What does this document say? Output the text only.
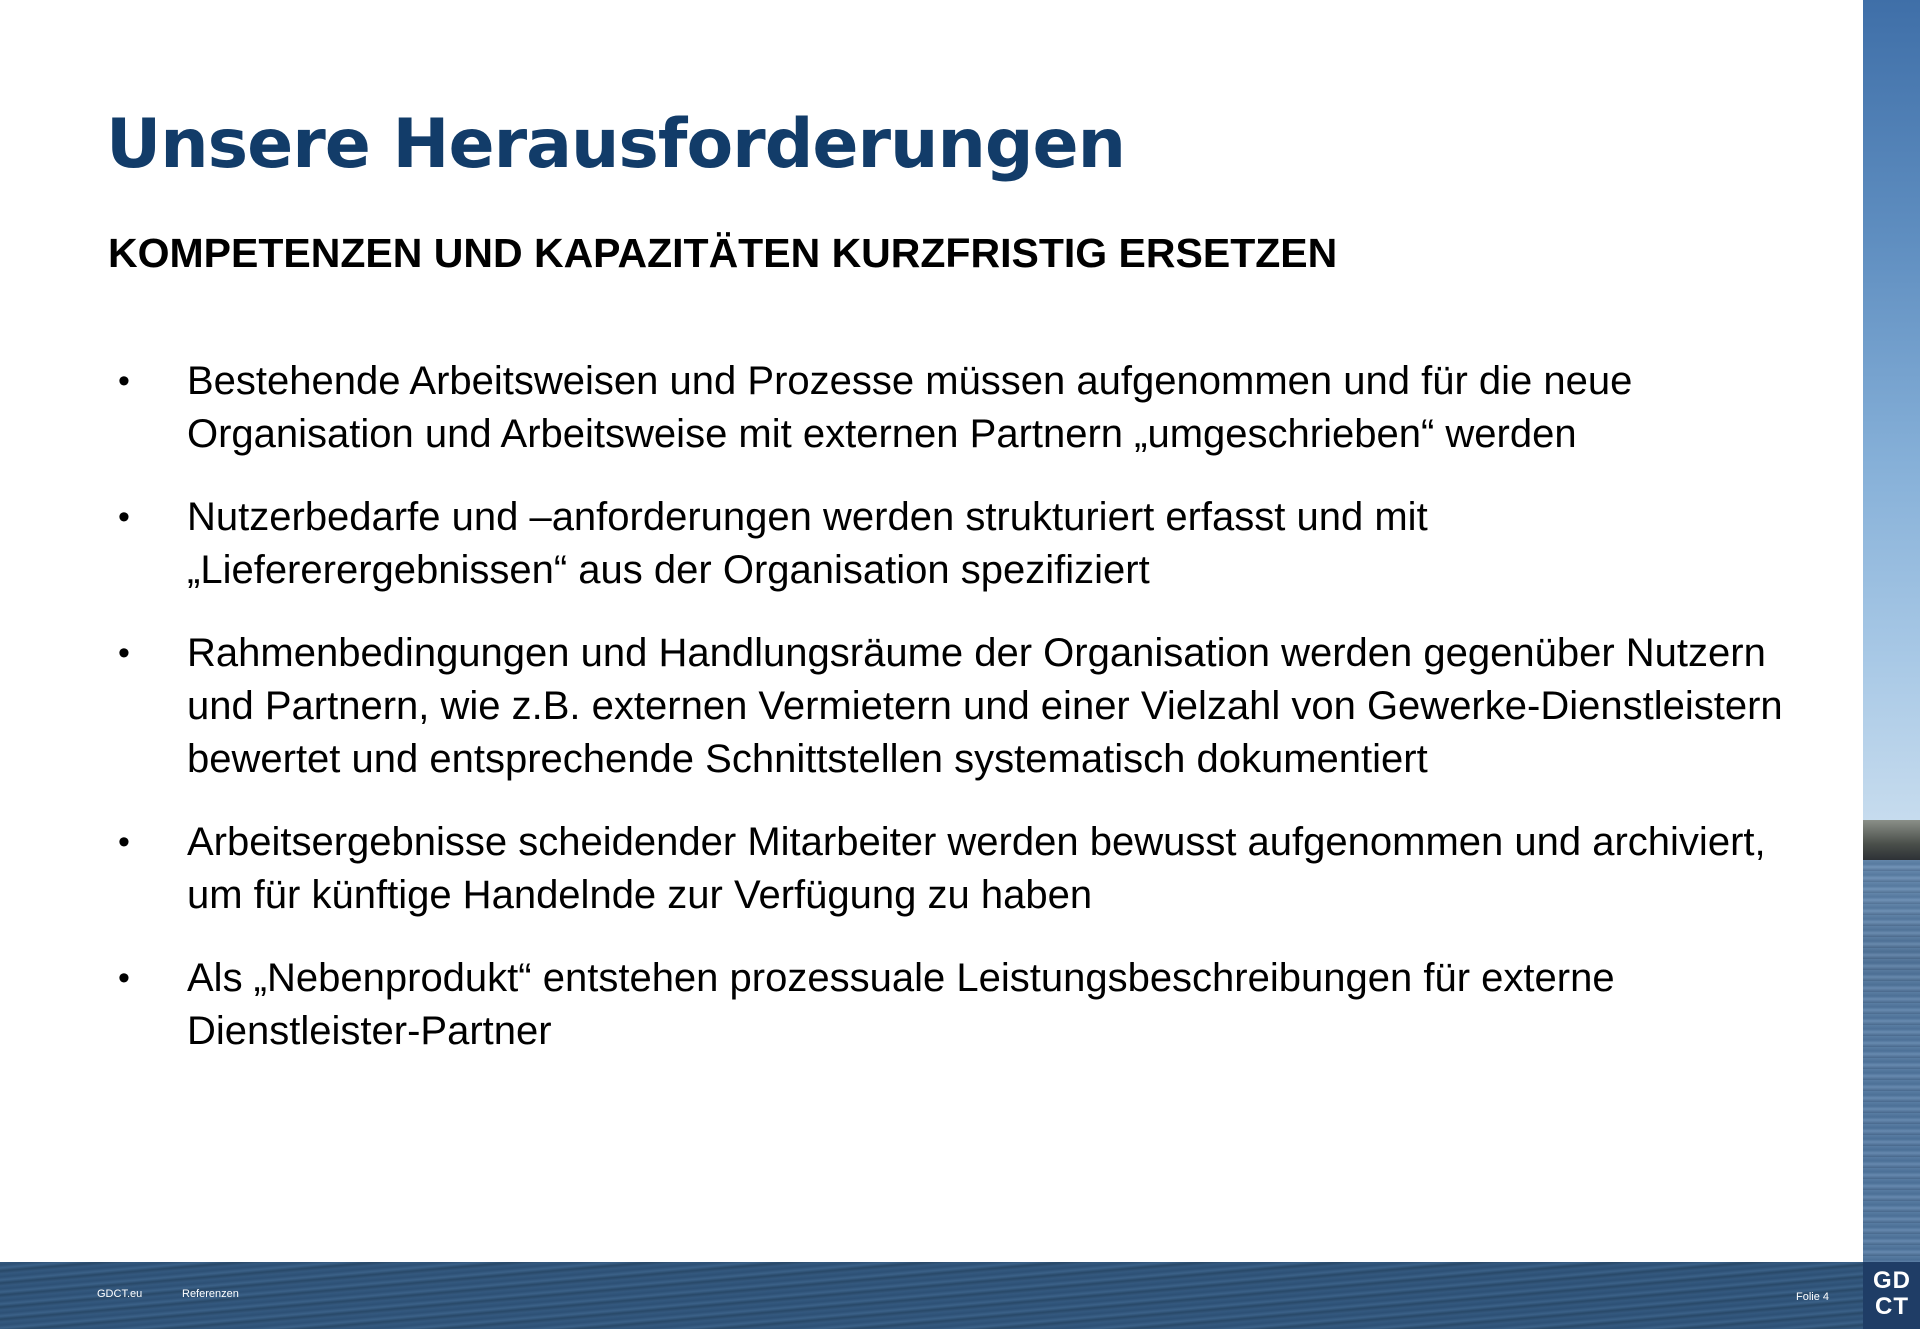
Unsere Herausforderungen
KOMPETENZEN UND KAPAZITÄTEN KURZFRISTIG ERSETZEN
• Bestehende Arbeitsweisen und Prozesse müssen aufgenommen und für die neue Organisation und Arbeitsweise mit externen Partnern „umgeschrieben“ werden
• Nutzerbedarfe und –anforderungen werden strukturiert erfasst und mit „Liefererergebnissen“ aus der Organisation spezifiziert
• Rahmenbedingungen und Handlungsräume der Organisation werden gegenüber Nutzern und Partnern, wie z.B. externen Vermietern und einer Vielzahl von Gewerke-Dienstleistern bewertet und entsprechende Schnittstellen systematisch dokumentiert
• Arbeitsergebnisse scheidender Mitarbeiter werden bewusst aufgenommen und archiviert, um für künftige Handelnde zur Verfügung zu haben
• Als „Nebenprodukt“ entstehen prozessuale Leistungsbeschreibungen für externe Dienstleister-Partner
GDCT.eu	Referenzen	Folie 4
GD
CT
